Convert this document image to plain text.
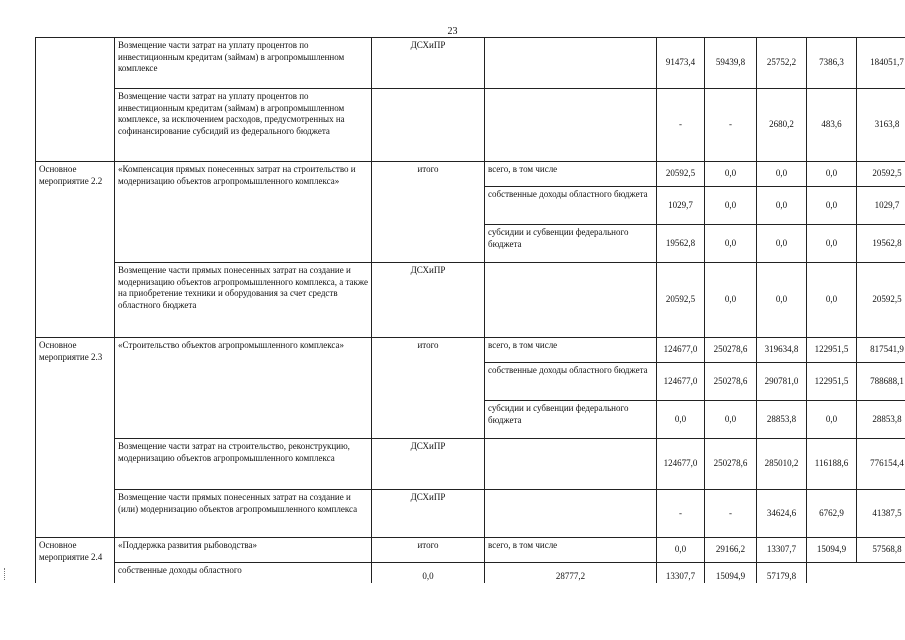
23
	Возмещение части затрат на уплату процентов по инвестиционным кредитам (займам) в агропромышленном комплексе	ДСХиПР		91473,4	59439,8	25752,2	7386,3	184051,7
	Возмещение части затрат на уплату процентов по инвестиционным кредитам (займам) в агропромышленном комплексе, за исключением расходов, предусмотренных на софинансирование субсидий из федерального бюджета			-	-	2680,2	483,6	3163,8
Основное мероприятие 2.2	«Компенсация прямых понесенных затрат на строительство и модернизацию объектов агропромышленного комплекса»	итого	всего, в том числе	20592,5	0,0	0,0	0,0	20592,5
			собственные доходы областного бюджета	1029,7	0,0	0,0	0,0	1029,7
			субсидии и субвенции федерального бюджета	19562,8	0,0	0,0	0,0	19562,8
	Возмещение части прямых понесенных затрат на создание и модернизацию объектов агропромышленного комплекса, а также на приобретение техники и оборудования за счет средств областного бюджета	ДСХиПР		20592,5	0,0	0,0	0,0	20592,5
Основное мероприятие 2.3	«Строительство объектов агропромышленного комплекса»	итого	всего, в том числе	124677,0	250278,6	319634,8	122951,5	817541,9
			собственные доходы областного бюджета	124677,0	250278,6	290781,0	122951,5	788688,1
			субсидии и субвенции федерального бюджета	0,0	0,0	28853,8	0,0	28853,8
	Возмещение части затрат на строительство, реконструкцию, модернизацию объектов агропромышленного комплекса	ДСХиПР		124677,0	250278,6	285010,2	116188,6	776154,4
	Возмещение части прямых понесенных затрат на создание и (или) модернизацию объектов агропромышленного комплекса	ДСХиПР		-	-	34624,6	6762,9	41387,5
Основное мероприятие 2.4	«Поддержка развития рыбоводства»	итого	всего, в том числе	0,0	29166,2	13307,7	15094,9	57568,8
	собственные доходы областного	0,0	28777,2	13307,7	15094,9	57179,8		
